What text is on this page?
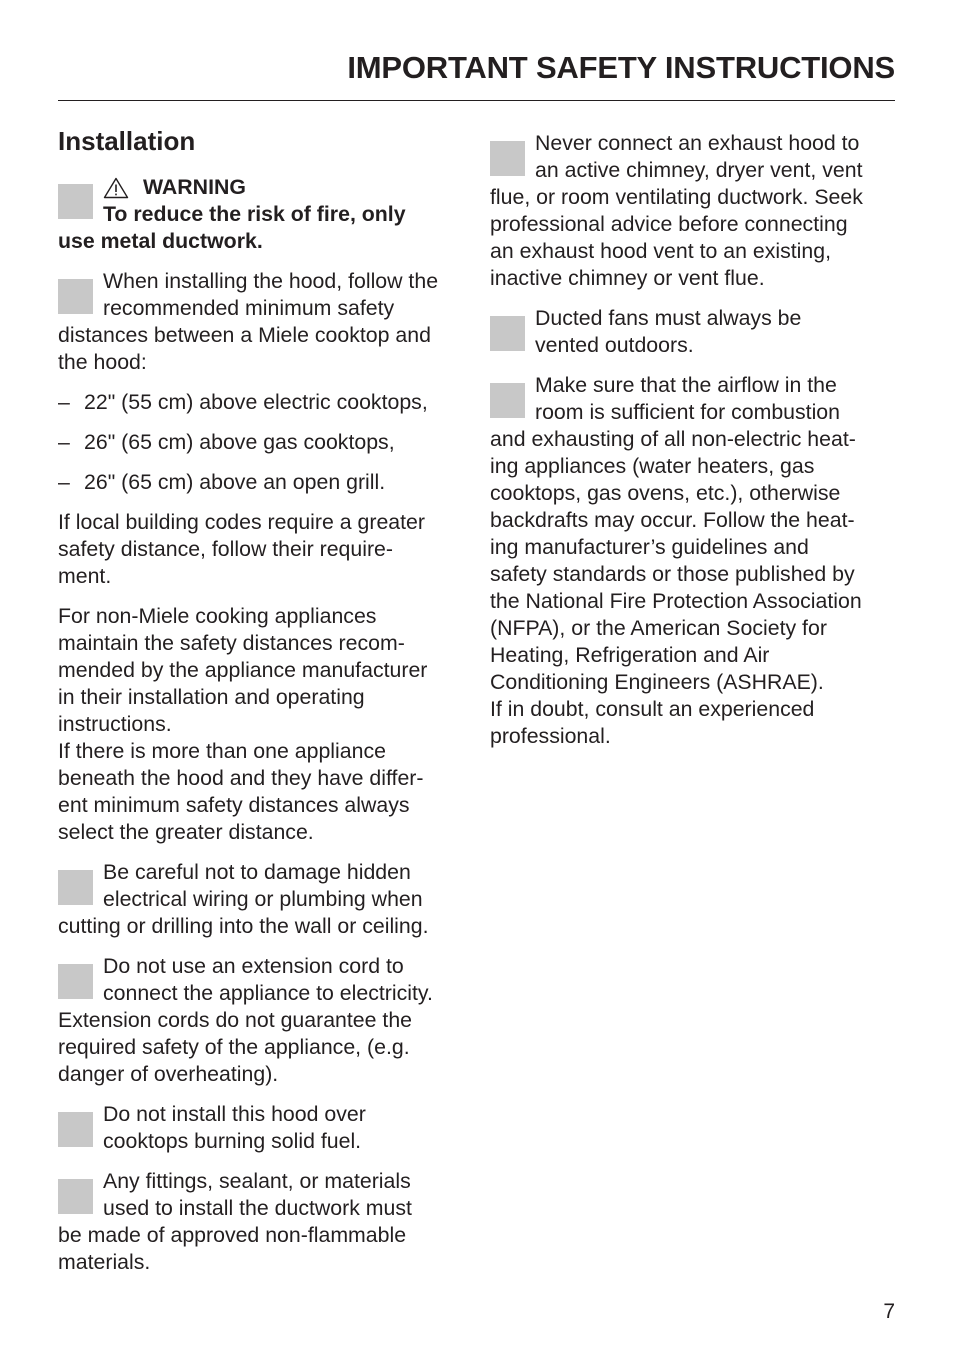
IMPORTANT SAFETY INSTRUCTIONS
Installation
WARNING
To reduce the risk of fire, only
use metal ductwork.
When installing the hood, follow the
recommended minimum safety
distances between a Miele cooktop and
the hood:
– 22" (55 cm) above electric cooktops,
– 26" (65 cm) above gas cooktops,
– 26" (65 cm) above an open grill.
If local building codes require a greater
safety distance, follow their require-
ment.
For non-Miele cooking appliances
maintain the safety distances recom-
mended by the appliance manufacturer
in their installation and operating
instructions.
If there is more than one appliance
beneath the hood and they have differ-
ent minimum safety distances always
select the greater distance.
Be careful not to damage hidden
electrical wiring or plumbing when
cutting or drilling into the wall or ceiling.
Do not use an extension cord to
connect the appliance to electricity.
Extension cords do not guarantee the
required safety of the appliance, (e.g.
danger of overheating).
Do not install this hood over
cooktops burning solid fuel.
Any fittings, sealant, or materials
used to install the ductwork must
be made of approved non-flammable
materials.
Never connect an exhaust hood to
an active chimney, dryer vent, vent
flue, or room ventilating ductwork. Seek
professional advice before connecting
an exhaust hood vent to an existing,
inactive chimney or vent flue.
Ducted fans must always be
vented outdoors.
Make sure that the airflow in the
room is sufficient for combustion
and exhausting of all non-electric heat-
ing appliances (water heaters, gas
cooktops, gas ovens, etc.), otherwise
backdrafts may occur. Follow the heat-
ing manufacturer’s guidelines and
safety standards or those published by
the National Fire Protection Association
(NFPA), or the American Society for
Heating, Refrigeration and Air
Conditioning Engineers (ASHRAE).
If in doubt, consult an experienced
professional.
7
